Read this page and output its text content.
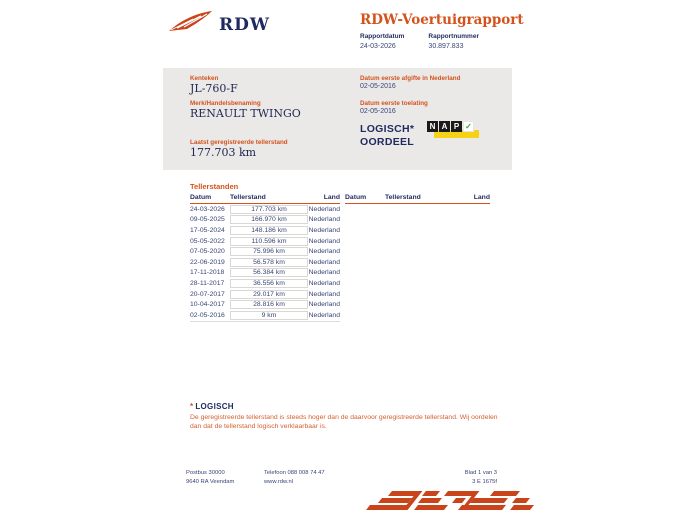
RDW	RDW-Voertuigrapport
Rapportdatum
24-03-2026
Rapportnummer
30.897.833
Kenteken
JL-760-F
Merk/Handelsbenaming
RENAULT TWINGO
Laatst geregistreerde tellerstand
177.703 km
Datum eerste afgifte in Nederland
02-05-2016
Datum eerste toelating
02-05-2016
LOGISCH*
OORDEEL
N A P ✓
Tellerstanden
Datum	Tellerstand	Land
24-03-2026	177.703 km	Nederland
09-05-2025	166.970 km	Nederland
17-05-2024	148.186 km	Nederland
05-05-2022	110.596 km	Nederland
07-05-2020	75.996 km	Nederland
22-06-2019	56.578 km	Nederland
17-11-2018	56.384 km	Nederland
28-11-2017	36.556 km	Nederland
20-07-2017	29.017 km	Nederland
10-04-2017	28.816 km	Nederland
02-05-2016	9 km	Nederland
Datum	Tellerstand	Land
* LOGISCH
De geregistreerde tellerstand is steeds hoger dan de daarvoor geregistreerde tellerstand. Wij oordelen dan dat de tellerstand logisch verklaarbaar is.
Postbus 30000
9640 RA Veendam
Telefoon 088 008 74 47
www.rdw.nl
Blad 1 van 3
3 E 1675f
